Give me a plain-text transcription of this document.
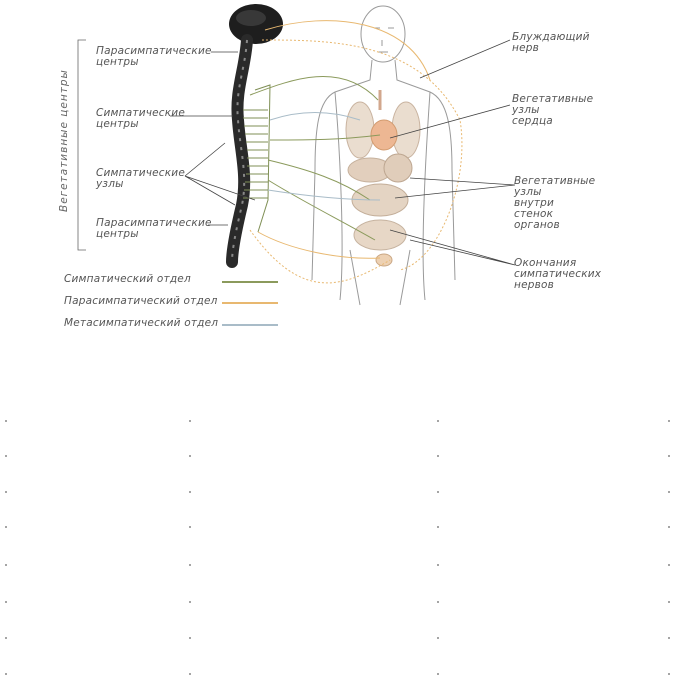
Парасимпатические
центры
Симпатические
центры
Симпатические
узлы
Парасимпатические
центры
Вегетативные центры
Блуждающий
нерв
Вегетативные
узлы
сердца
Вегетативные
узлы
внутри
стенок
органов
Окончания
симпатических
нервов
Симпатический отдел
Парасимпатический отдел
Метасимпатический отдел
